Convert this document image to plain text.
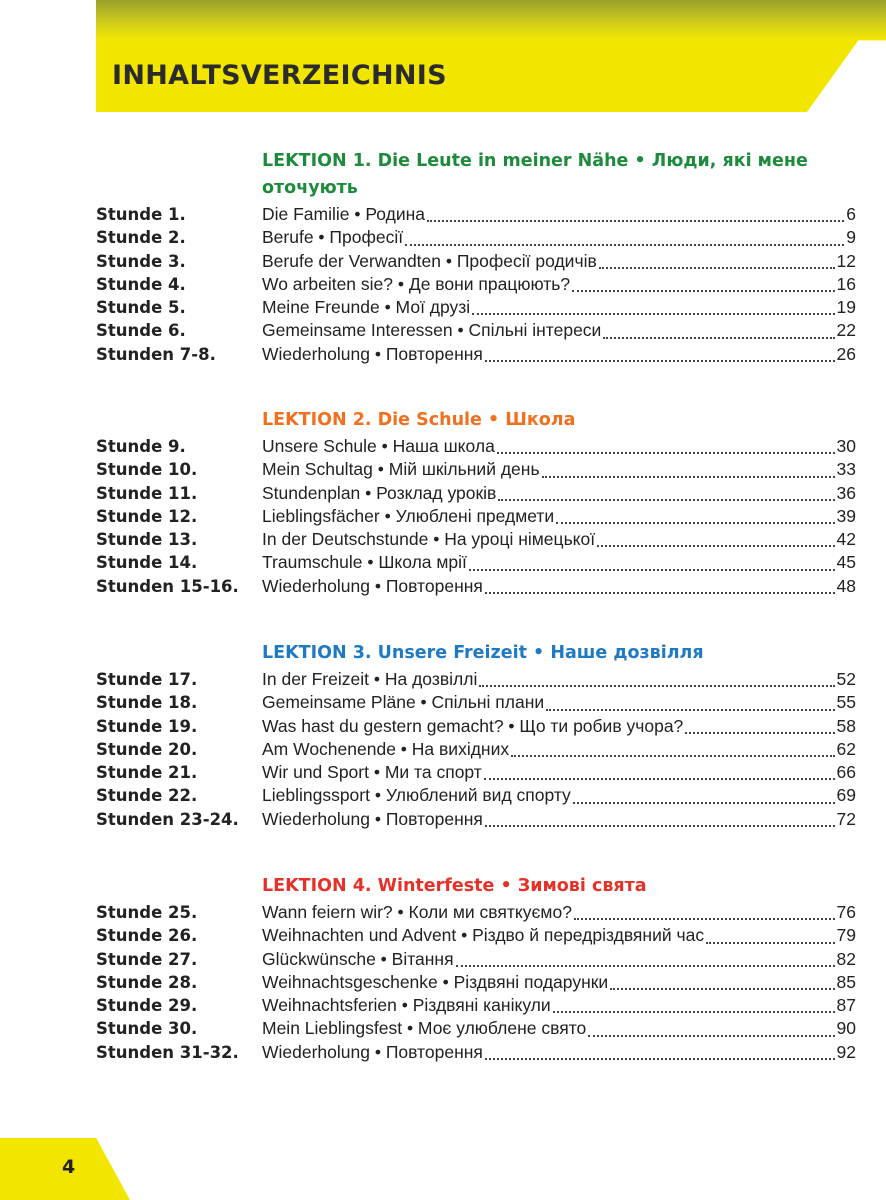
INHALTSVERZEICHNIS
LEKTION 1. Die Leute in meiner Nähe • Люди, які мене оточують
Stunde 1.	Die Familie • Родина	6
Stunde 2.	Berufe • Професії	9
Stunde 3.	Berufe der Verwandten • Професії родичів	12
Stunde 4.	Wo arbeiten sie? • Де вони працюють?	16
Stunde 5.	Meine Freunde • Мої друзі	19
Stunde 6.	Gemeinsame Interessen • Спільні інтереси	22
Stunden 7-8.	Wiederholung • Повторення	26
LEKTION 2. Die Schule • Школа
Stunde 9.	Unsere Schule • Наша школа	30
Stunde 10.	Mein Schultag • Мій шкільний день	33
Stunde 11.	Stundenplan • Розклад уроків	36
Stunde 12.	Lieblingsfächer • Улюблені предмети	39
Stunde 13.	In der Deutschstunde • На уроці німецької	42
Stunde 14.	Traumschule • Школа мрії	45
Stunden 15-16.	Wiederholung • Повторення	48
LEKTION 3. Unsere Freizeit • Наше дозвілля
Stunde 17.	In der Freizeit • На дозвіллі	52
Stunde 18.	Gemeinsame Pläne • Спільні плани	55
Stunde 19.	Was hast du gestern gemacht? • Що ти робив учора?	58
Stunde 20.	Am Wochenende • На вихідних	62
Stunde 21.	Wir und Sport • Ми та спорт	66
Stunde 22.	Lieblingssport • Улюблений вид спорту	69
Stunden 23-24.	Wiederholung • Повторення	72
LEKTION 4. Winterfeste • Зимові свята
Stunde 25.	Wann feiern wir? • Коли ми святкуємо?	76
Stunde 26.	Weihnachten und Advent • Різдво й передріздвяний час	79
Stunde 27.	Glückwünsche • Вітання	82
Stunde 28.	Weihnachtsgeschenke • Різдвяні подарунки	85
Stunde 29.	Weihnachtsferien • Різдвяні канікули	87
Stunde 30.	Mein Lieblingsfest • Моє улюблене свято	90
Stunden 31-32.	Wiederholung • Повторення	92
4
